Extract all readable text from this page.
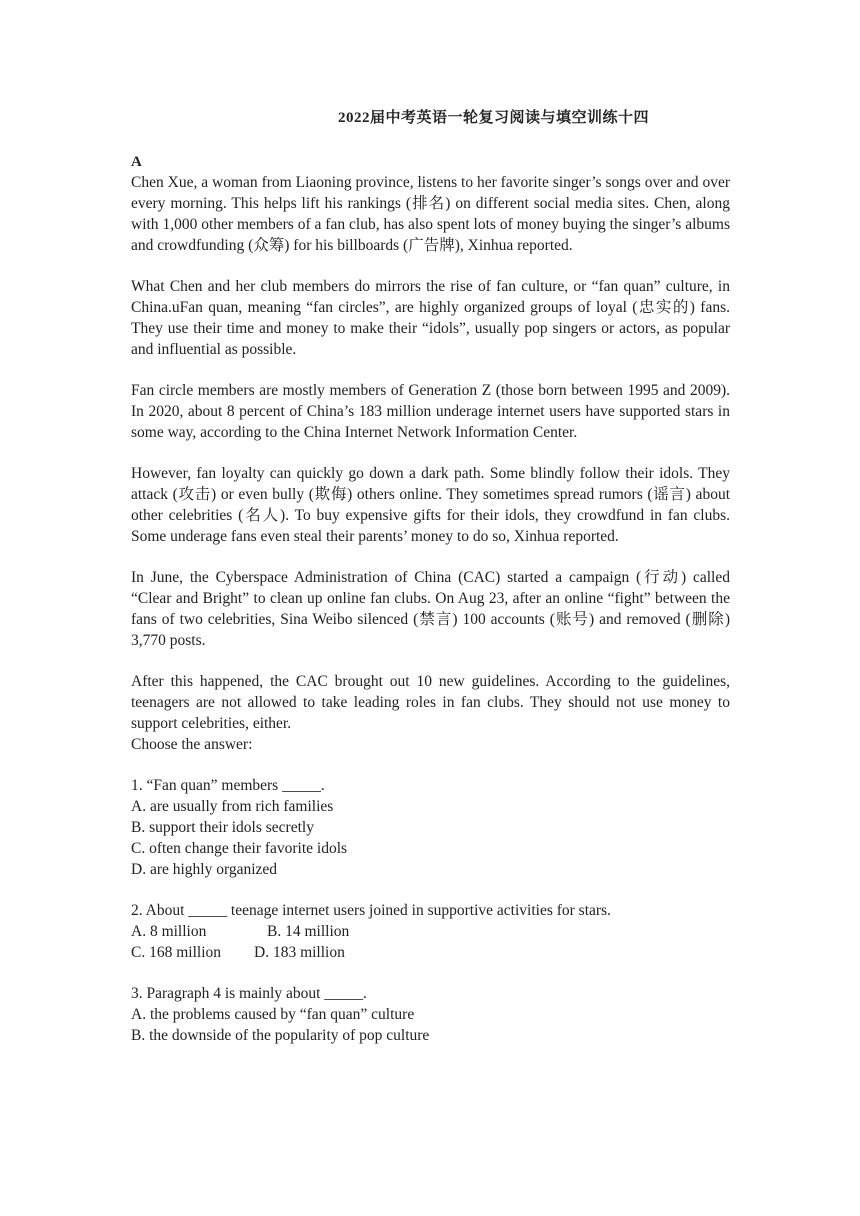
2022届中考英语一轮复习阅读与填空训练十四
A

Chen Xue, a woman from Liaoning province, listens to her favorite singer’s songs over and over every morning. This helps lift his rankings (排名) on different social media sites. Chen, along with 1,000 other members of a fan club, has also spent lots of money buying the singer’s albums and crowdfunding (众筹) for his billboards (广告牌), Xinhua reported.

What Chen and her club members do mirrors the rise of fan culture, or “fan quan” culture, in China.uFan quan, meaning “fan circles”, are highly organized groups of loyal (忠实的) fans. They use their time and money to make their “idols”, usually pop singers or actors, as popular and influential as possible.

Fan circle members are mostly members of Generation Z (those born between 1995 and 2009). In 2020, about 8 percent of China’s 183 million underage internet users have supported stars in some way, according to the China Internet Network Information Center.

However, fan loyalty can quickly go down a dark path. Some blindly follow their idols. They attack (攻击) or even bully (欺侮) others online. They sometimes spread rumors (谣言) about other celebrities (名人). To buy expensive gifts for their idols, they crowdfund in fan clubs. Some underage fans even steal their parents’ money to do so, Xinhua reported.

In June, the Cyberspace Administration of China (CAC) started a campaign (行动) called “Clear and Bright” to clean up online fan clubs. On Aug 23, after an online “fight” between the fans of two celebrities, Sina Weibo silenced (禁言) 100 accounts (账号) and removed (删除) 3,770 posts.

After this happened, the CAC brought out 10 new guidelines. According to the guidelines, teenagers are not allowed to take leading roles in fan clubs. They should not use money to support celebrities, either.

Choose the answer:

1. “Fan quan” members _____.

A. are usually from rich families

B. support their idols secretly

C. often change their favorite idols

D. are highly organized

2. About _____ teenage internet users joined in supportive activities for stars.

A. 8 million	B. 14 million
C. 168 million	D. 183 million

3. Paragraph 4 is mainly about _____.

A. the problems caused by “fan quan” culture

B. the downside of the popularity of pop culture
